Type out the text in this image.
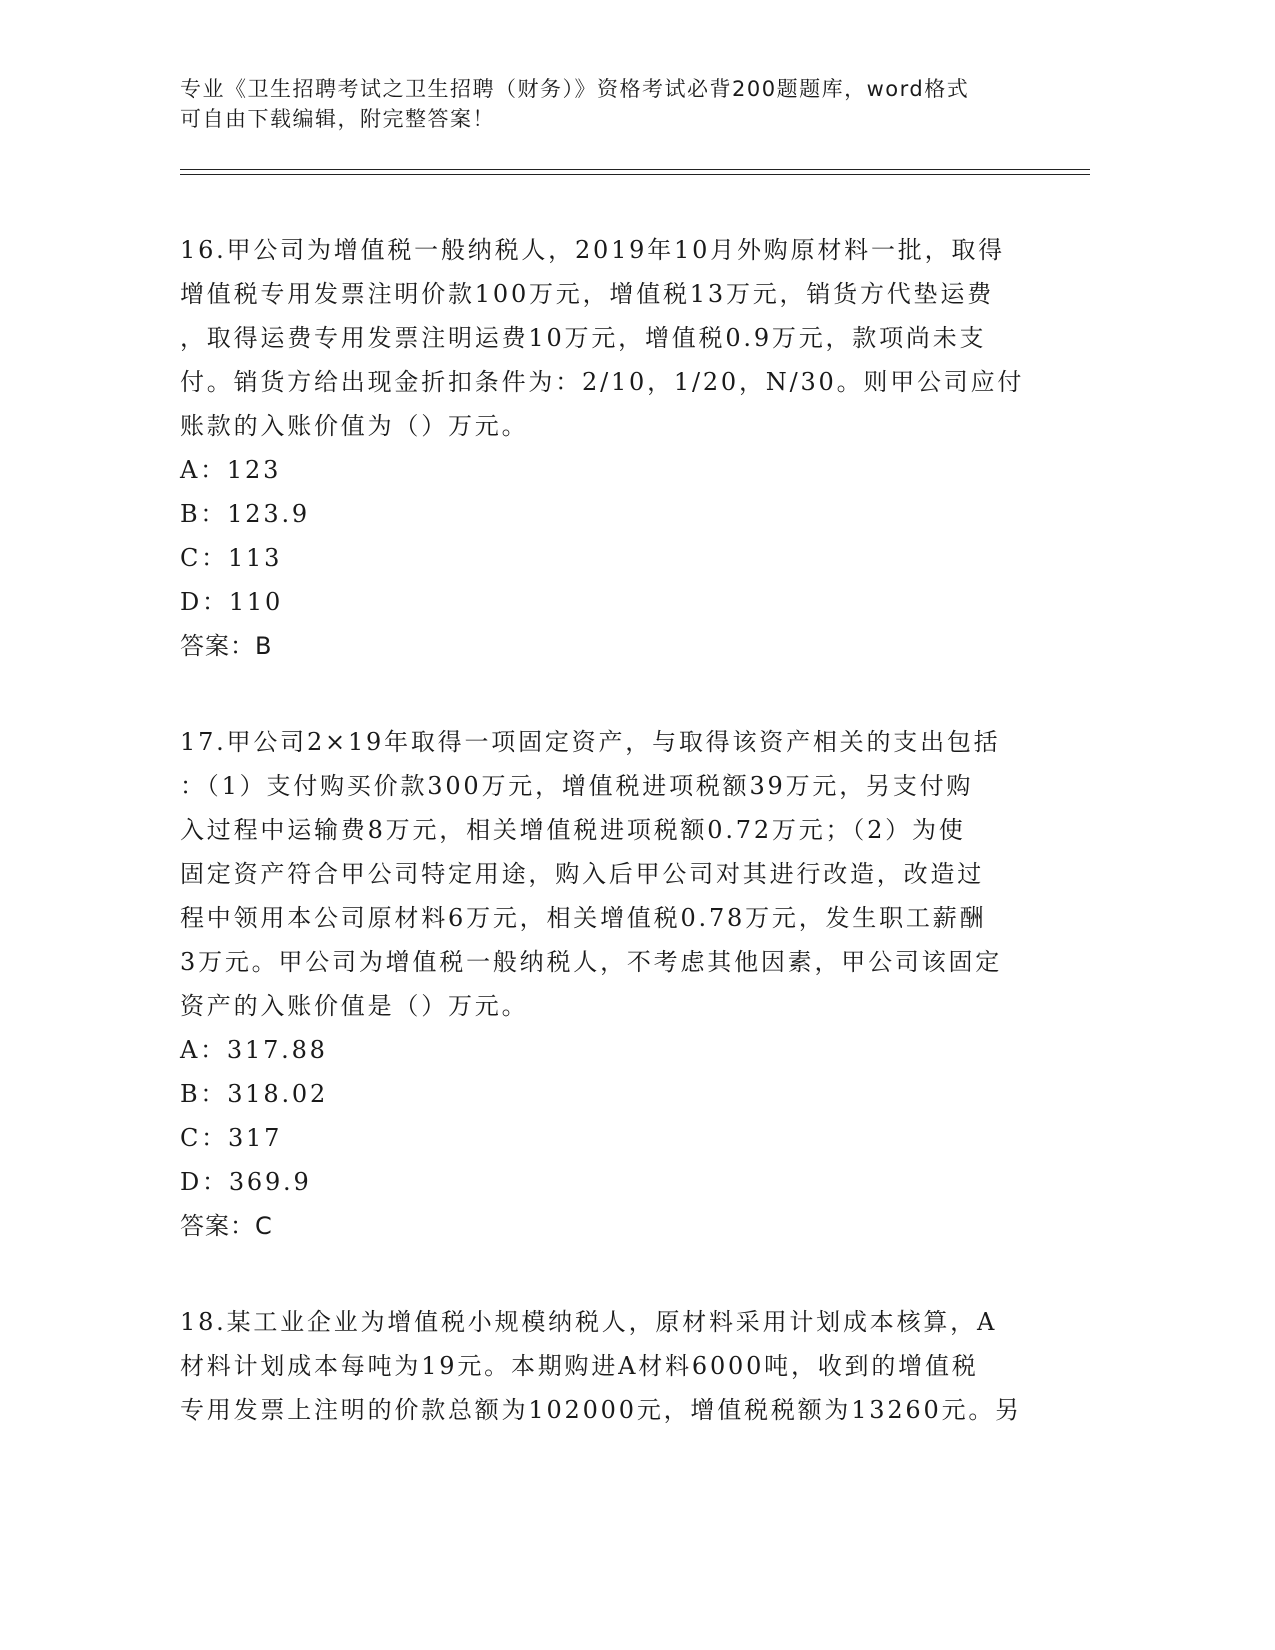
专业《卫生招聘考试之卫生招聘（财务）》资格考试必背200题题库，word格式

可自由下载编辑，附完整答案！

16.甲公司为增值税一般纳税人，2019年10月外购原材料一批，取得

增值税专用发票注明价款100万元，增值税13万元，销货方代垫运费

，取得运费专用发票注明运费10万元，增值税0.9万元，款项尚未支

付。销货方给出现金折扣条件为：2/10，1/20，N/30。则甲公司应付

账款的入账价值为（）万元。

A：123

B：123.9

C：113

D：110

答案：B

17.甲公司2×19年取得一项固定资产，与取得该资产相关的支出包括

：（1）支付购买价款300万元，增值税进项税额39万元，另支付购

入过程中运输费8万元，相关增值税进项税额0.72万元；（2）为使

固定资产符合甲公司特定用途，购入后甲公司对其进行改造，改造过

程中领用本公司原材料6万元，相关增值税0.78万元，发生职工薪酬

3万元。甲公司为增值税一般纳税人，不考虑其他因素，甲公司该固定

资产的入账价值是（）万元。

A：317.88

B：318.02

C：317

D：369.9

答案：C

18.某工业企业为增值税小规模纳税人，原材料采用计划成本核算，A

材料计划成本每吨为19元。本期购进A材料6000吨，收到的增值税

专用发票上注明的价款总额为102000元，增值税税额为13260元。另
